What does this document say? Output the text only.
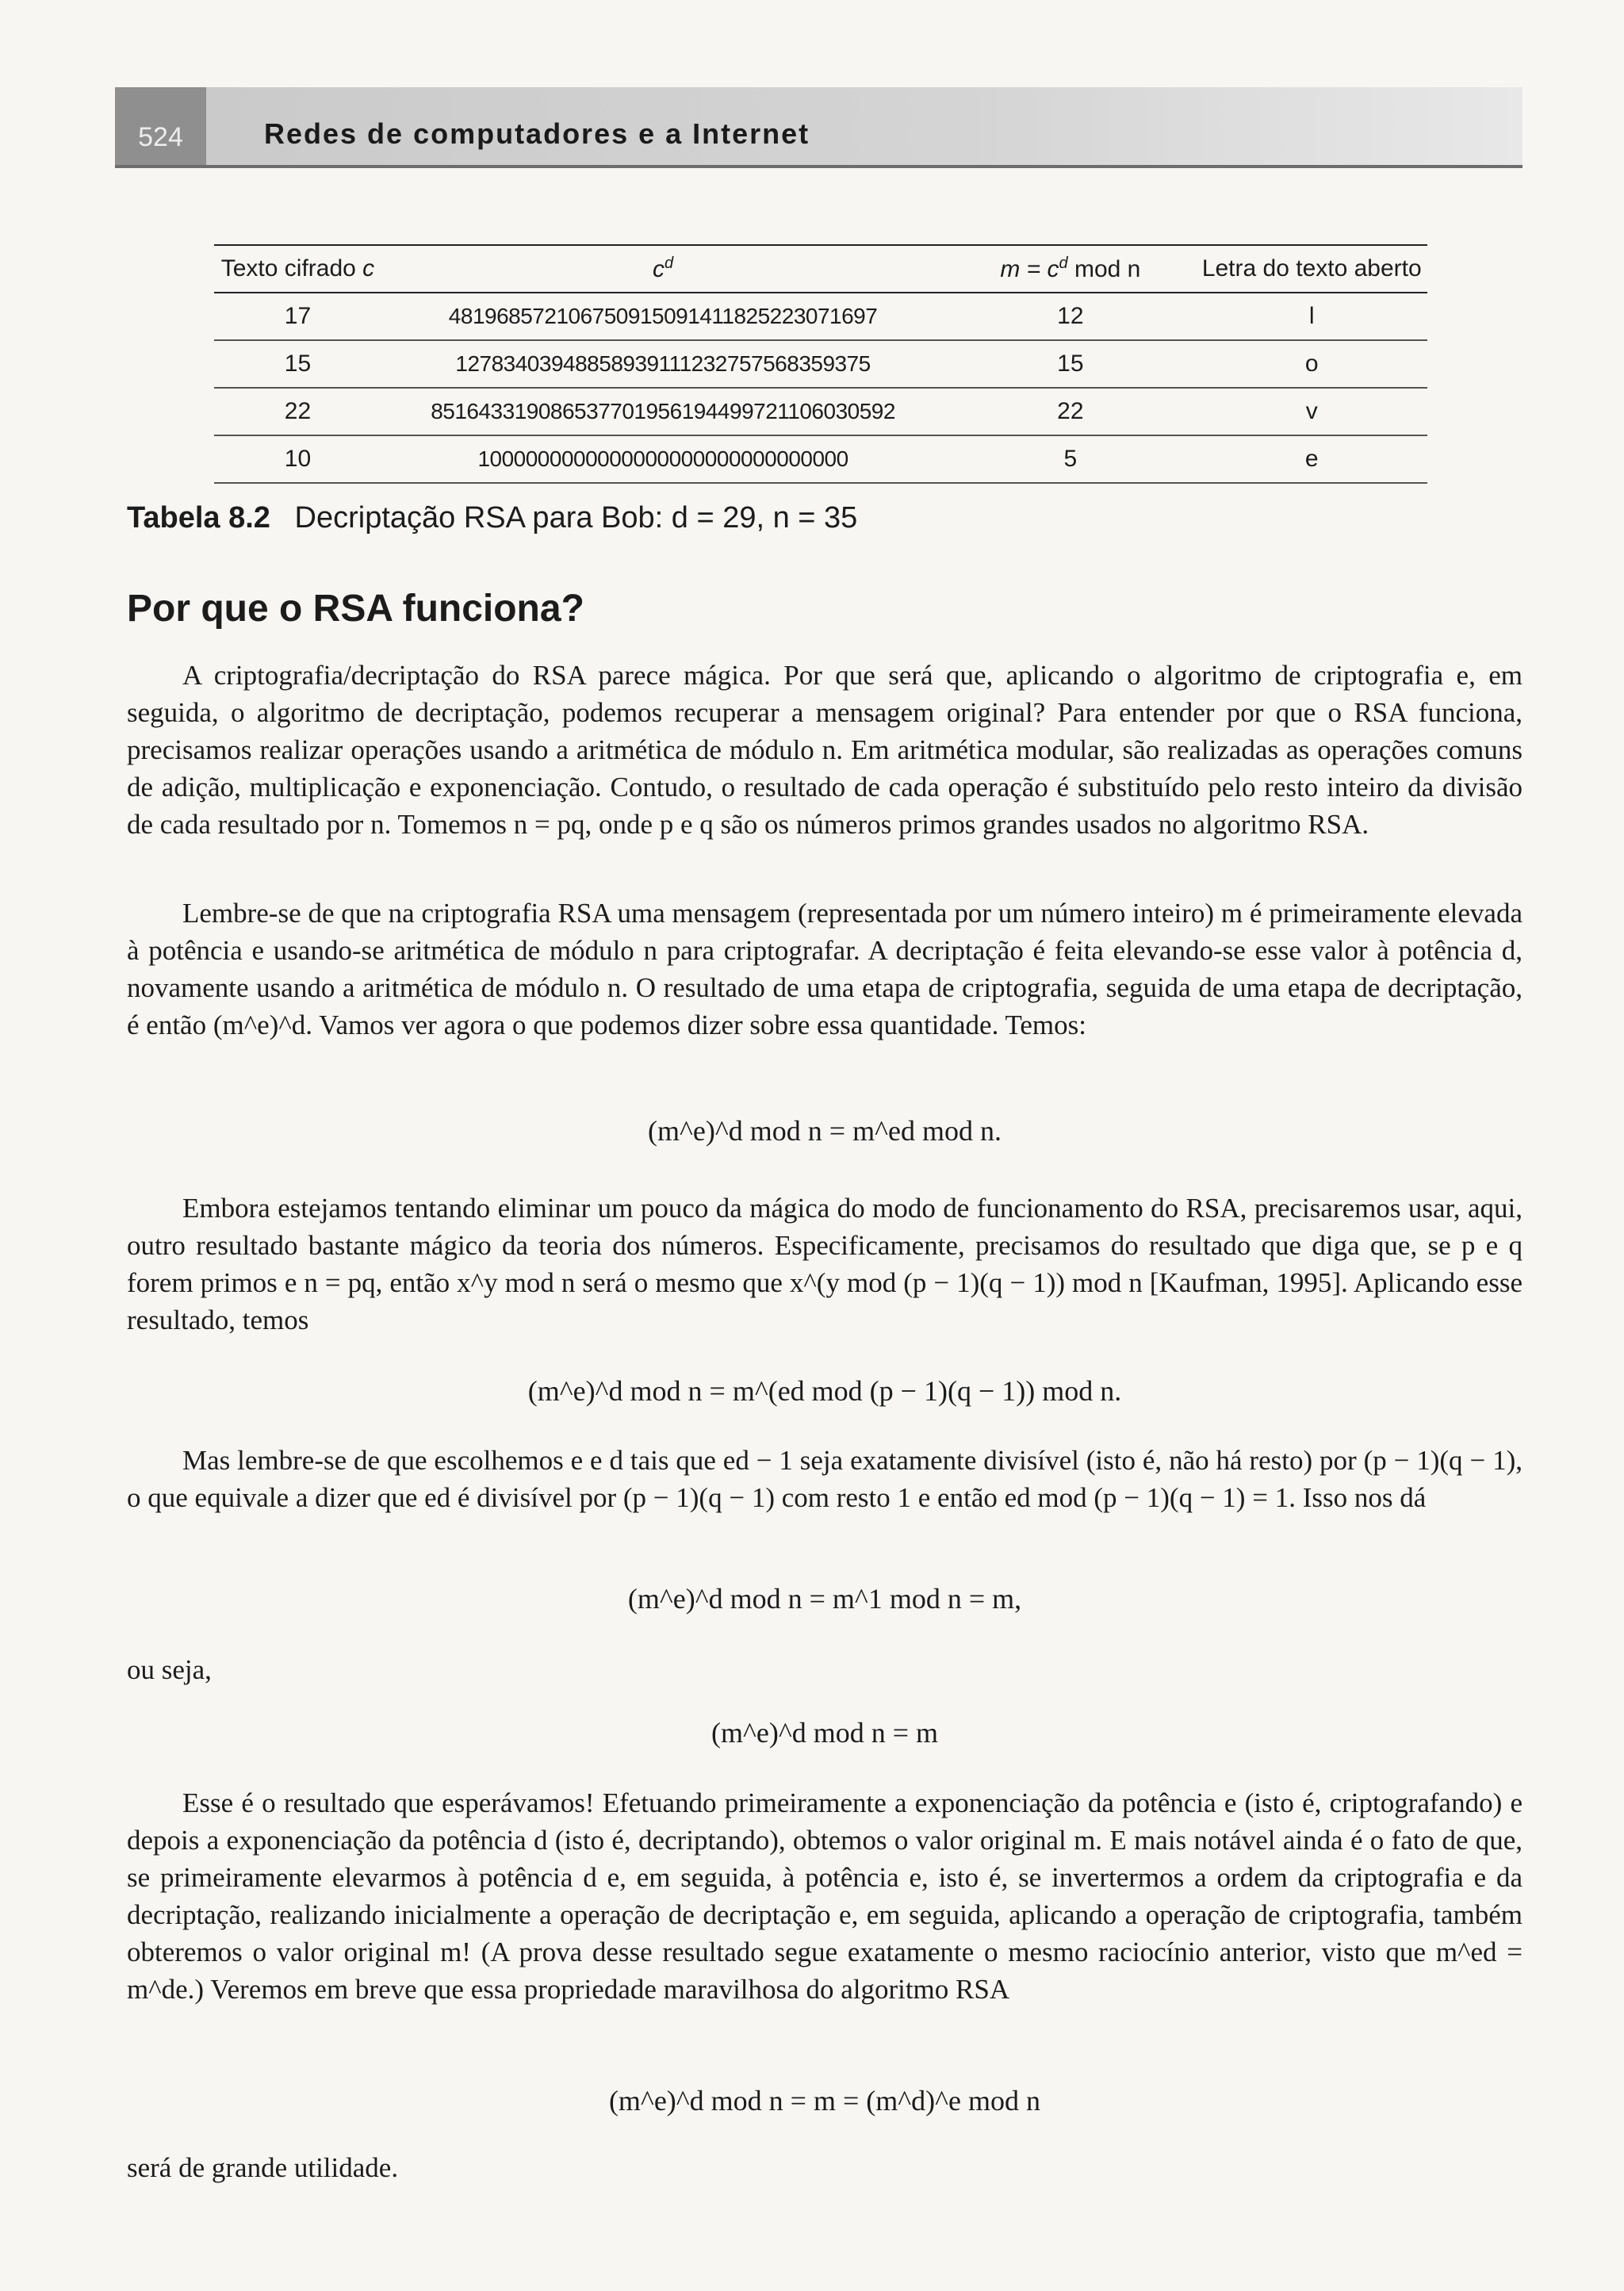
524	Redes de computadores e a Internet
Texto cifrado c	$c^d$	$m = c^d$ mod n	Letra do texto aberto
17	481968572106750915091411825223071697	12	l
15	12783403948858939111232757568359375	15	o
22	851643319086537701956194499721106030592	22	v
10	1000000000000000000000000000000	5	e
Tabela 8.2 Decriptação RSA para Bob: d = 29, n = 35
Por que o RSA funciona?

A criptografia/decriptação do RSA parece mágica. Por que será que, aplicando o algoritmo de criptografia e, em seguida, o algoritmo de decriptação, podemos recuperar a mensagem original? Para entender por que o RSA funciona, precisamos realizar operações usando a aritmética de módulo n. Em aritmética modular, são realizadas as operações comuns de adição, multiplicação e exponenciação. Contudo, o resultado de cada operação é substituído pelo resto inteiro da divisão de cada resultado por n. Tomemos n = pq, onde p e q são os números primos grandes usados no algoritmo RSA.

Lembre-se de que na criptografia RSA uma mensagem (representada por um número inteiro) m é primeiramente elevada à potência e usando-se aritmética de módulo n para criptografar. A decriptação é feita elevando-se esse valor à potência d, novamente usando a aritmética de módulo n. O resultado de uma etapa de criptografia, seguida de uma etapa de decriptação, é então (m^e)^d. Vamos ver agora o que podemos dizer sobre essa quantidade. Temos:

(m^e)^d mod n = m^ed mod n.

Embora estejamos tentando eliminar um pouco da mágica do modo de funcionamento do RSA, precisaremos usar, aqui, outro resultado bastante mágico da teoria dos números. Especificamente, precisamos do resultado que diga que, se p e q forem primos e n = pq, então x^y mod n será o mesmo que x^(y mod (p − 1)(q − 1)) mod n [Kaufman, 1995]. Aplicando esse resultado, temos

(m^e)^d mod n = m^(ed mod (p − 1)(q − 1)) mod n.

Mas lembre-se de que escolhemos e e d tais que ed − 1 seja exatamente divisível (isto é, não há resto) por (p − 1)(q − 1), o que equivale a dizer que ed é divisível por (p − 1)(q − 1) com resto 1 e então ed mod (p − 1)(q − 1) = 1. Isso nos dá

(m^e)^d mod n = m^1 mod n = m,

ou seja,

(m^e)^d mod n = m

Esse é o resultado que esperávamos! Efetuando primeiramente a exponenciação da potência e (isto é, criptografando) e depois a exponenciação da potência d (isto é, decriptando), obtemos o valor original m. E mais notável ainda é o fato de que, se primeiramente elevarmos à potência d e, em seguida, à potência e, isto é, se invertermos a ordem da criptografia e da decriptação, realizando inicialmente a operação de decriptação e, em seguida, aplicando a operação de criptografia, também obteremos o valor original m! (A prova desse resultado segue exatamente o mesmo raciocínio anterior, visto que m^ed = m^de.) Veremos em breve que essa propriedade maravilhosa do algoritmo RSA

(m^e)^d mod n = m = (m^d)^e mod n

será de grande utilidade.
